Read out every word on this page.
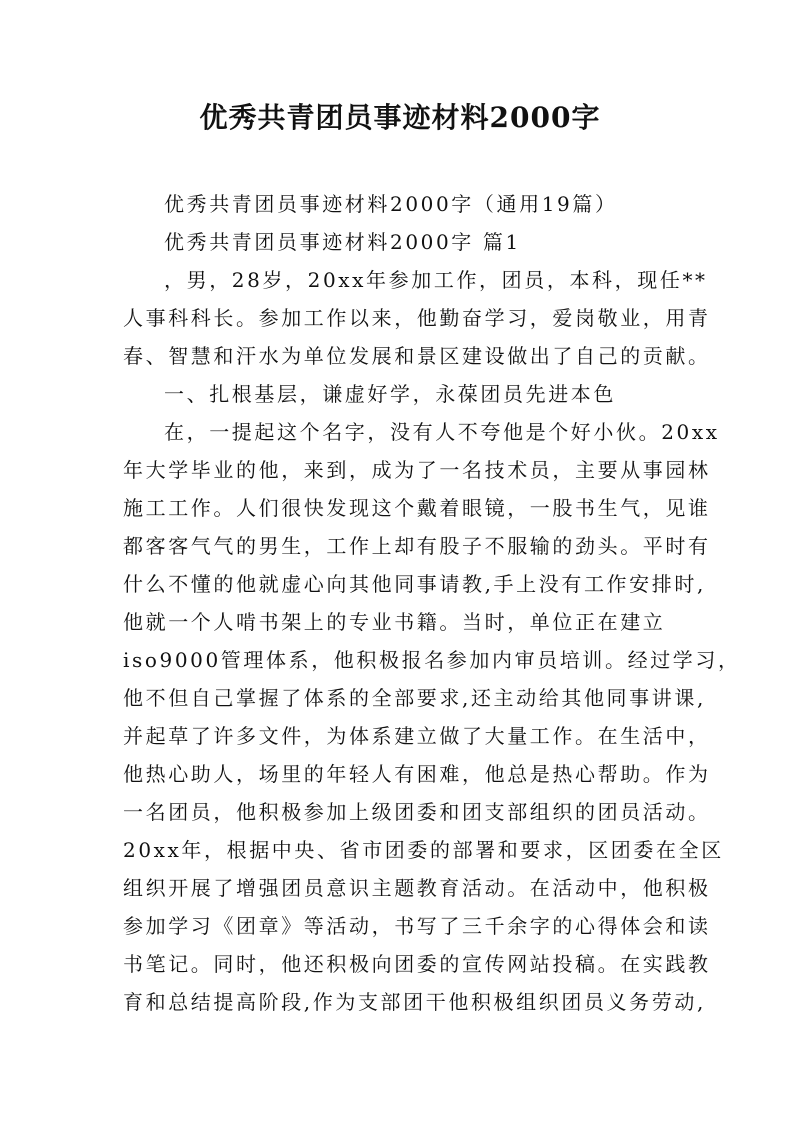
优秀共青团员事迹材料2000字
优秀共青团员事迹材料2000字（通用19篇）
优秀共青团员事迹材料2000字 篇1
，男，28岁，20xx年参加工作，团员，本科，现任**
人事科科长。参加工作以来，他勤奋学习，爱岗敬业，用青
春、智慧和汗水为单位发展和景区建设做出了自己的贡献。
一、扎根基层，谦虚好学，永葆团员先进本色
在，一提起这个名字，没有人不夸他是个好小伙。20xx
年大学毕业的他，来到，成为了一名技术员，主要从事园林
施工工作。人们很快发现这个戴着眼镜，一股书生气，见谁
都客客气气的男生，工作上却有股子不服输的劲头。平时有
什么不懂的他就虚心向其他同事请教,手上没有工作安排时,
他就一个人啃书架上的专业书籍。当时，单位正在建立
iso9000管理体系，他积极报名参加内审员培训。经过学习，
他不但自己掌握了体系的全部要求,还主动给其他同事讲课,
并起草了许多文件，为体系建立做了大量工作。在生活中，
他热心助人，场里的年轻人有困难，他总是热心帮助。作为
一名团员，他积极参加上级团委和团支部组织的团员活动。
20xx年，根据中央、省市团委的部署和要求，区团委在全区
组织开展了增强团员意识主题教育活动。在活动中，他积极
参加学习《团章》等活动，书写了三千余字的心得体会和读
书笔记。同时，他还积极向团委的宣传网站投稿。在实践教
育和总结提高阶段,作为支部团干他积极组织团员义务劳动,
